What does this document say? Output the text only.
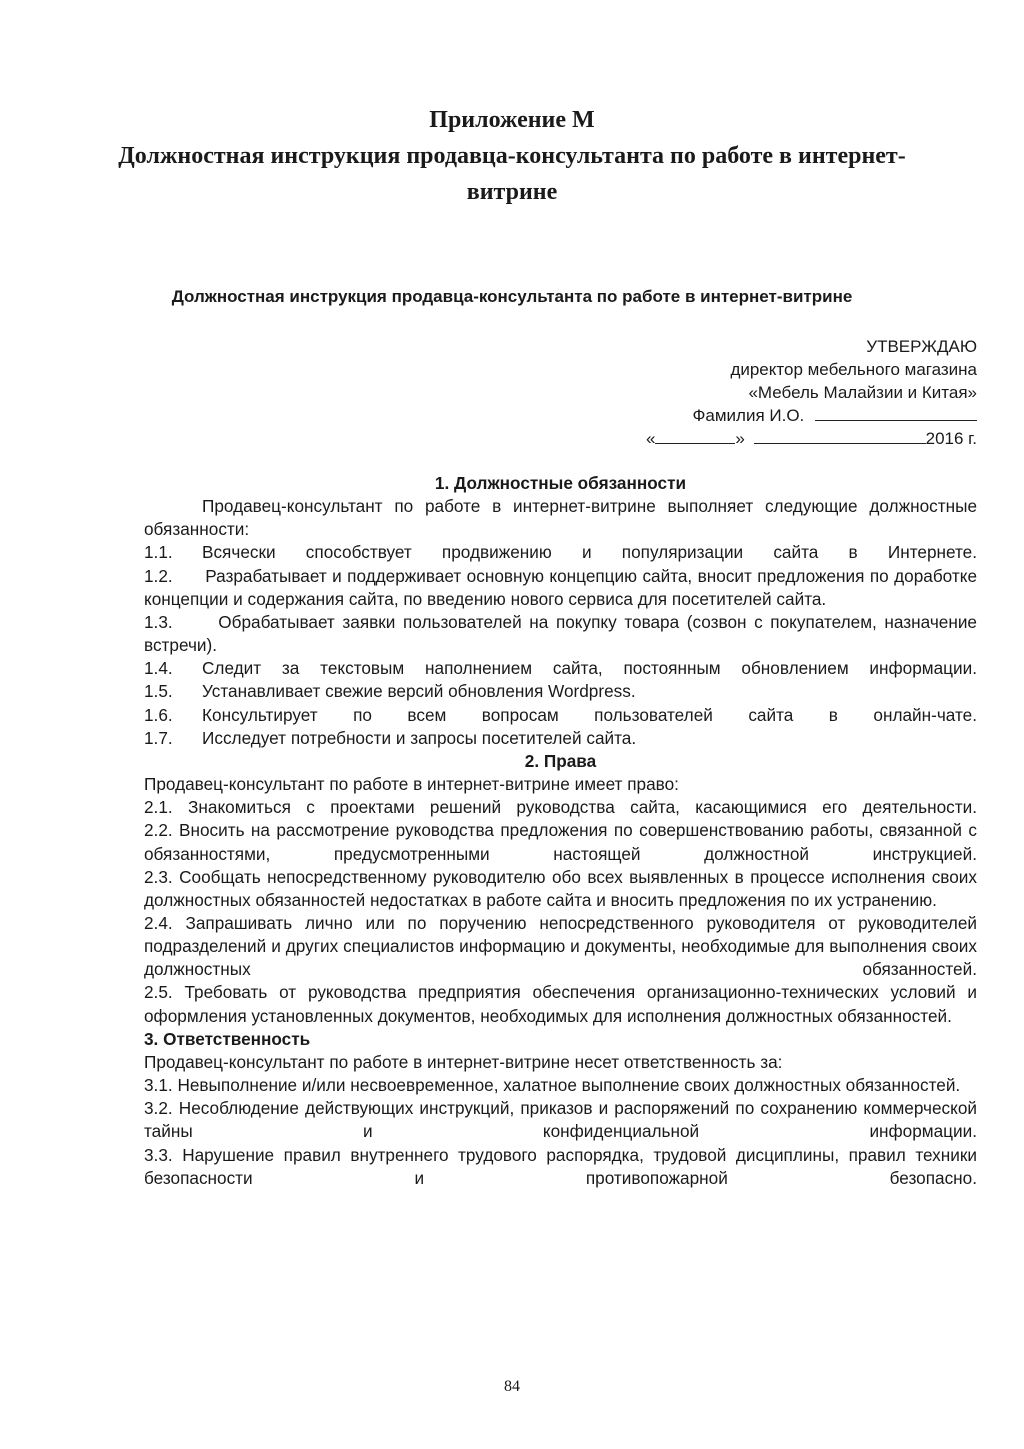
Приложение М
Должностная инструкция продавца-консультанта по работе в интернет-
витрине
Должностная инструкция продавца-консультанта по работе в интернет-витрине
УТВЕРЖДАЮ
директор мебельного магазина
«Мебель Малайзии и Китая»
Фамилия И.О.
«	»	2016 г.

1. Должностные обязанности

Продавец-консультант по работе в интернет-витрине выполняет следующие должностные обязанности:

1.1.	Всячески способствует продвижению и популяризации сайта в Интернете.

1.2. Разрабатывает и поддерживает основную концепцию сайта, вносит предложения по доработке концепции и содержания сайта, по введению нового сервиса для посетителей сайта.

1.3.	Обрабатывает заявки пользователей на покупку товара (созвон с покупателем, назначение встречи).

1.4.	Следит за текстовым наполнением сайта, постоянным обновлением информации.
1.5.	Устанавливает свежие версий обновления Wordpress.
1.6.	Консультирует по всем вопросам пользователей сайта в онлайн-чате.
1.7.	Исследует потребности и запросы посетителей сайта.

2. Права

Продавец-консультант по работе в интернет-витрине имеет право:

2.1. Знакомиться с проектами решений руководства сайта, касающимися его деятельности.

2.2. Вносить на рассмотрение руководства предложения по совершенствованию работы, связанной с обязанностями, предусмотренными настоящей должностной инструкцией.

2.3. Сообщать непосредственному руководителю обо всех выявленных в процессе исполнения своих должностных обязанностей недостатках в работе сайта и вносить предложения по их устранению.

2.4. Запрашивать лично или по поручению непосредственного руководителя от руководителей подразделений и других специалистов информацию и документы, необходимые для выполнения своих должностных обязанностей.

2.5. Требовать от руководства предприятия обеспечения организационно-технических условий и оформления установленных документов, необходимых для исполнения должностных обязанностей.

3. Ответственность

Продавец-консультант по работе в интернет-витрине несет ответственность за:

3.1. Невыполнение и/или несвоевременное, халатное выполнение своих должностных обязанностей.

3.2. Несоблюдение действующих инструкций, приказов и распоряжений по сохранению коммерческой тайны и конфиденциальной информации.

3.3. Нарушение правил внутреннего трудового распорядка, трудовой дисциплины, правил техники безопасности и противопожарной безопасно.

84
